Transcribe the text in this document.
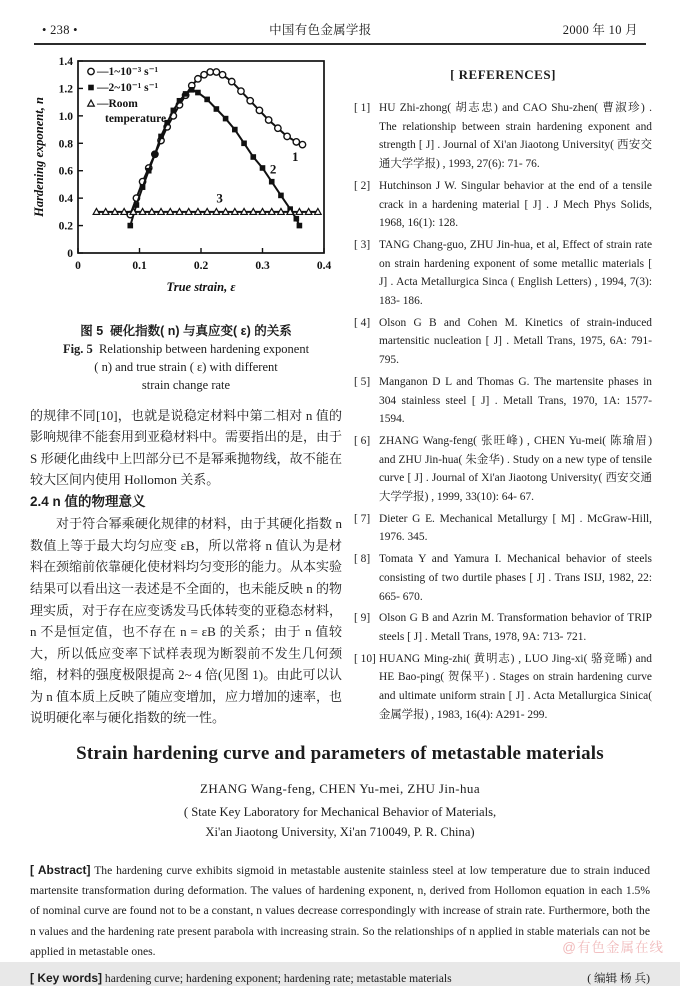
• 238 •	中国有色金属学报	2000 年 10 月
0	0.1	0.2	0.3	0.4
0
0.2
0.4
0.6
0.8
1.0
1.2
1.4
True strain, ε
Hardening exponent, n	1
2
3
—1~10⁻³ s⁻¹
—2~10⁻¹ s⁻¹
—Room
temperature
图 5 硬化指数( n) 与真应变( ε) 的关系
Fig. 5 Relationship between hardening exponent
( n) and true strain ( ε) with different
strain change rate

的规律不同[10]，也就是说稳定材料中第二相对 n 值的影响规律不能套用到亚稳材料中。需要指出的是，由于 S 形硬化曲线中上凹部分已不是幂乘抛物线，故不能在较大区间内使用 Hollomon 关系。

2.4 n 值的物理意义

对于符合幂乘硬化规律的材料，由于其硬化指数 n 数值上等于最大均匀应变 εB，所以常将 n 值认为是材料在颈缩前依靠硬化使材料均匀变形的能力。从本实验结果可以看出这一表述是不全面的，也未能反映 n 的物理实质，对于存在应变诱发马氏体转变的亚稳态材料，n 不是恒定值，也不存在 n = εB 的关系；由于 n 值较大，所以低应变率下试样表现为断裂前不发生几何颈缩，材料的强度极限提高 2~ 4 倍(见图 1)。由此可以认为 n 值本质上反映了随应变增加，应力增加的速率，也说明硬化率与硬化指数的统一性。

[ REFERENCES]
[ 1] HU Zhi-zhong( 胡志忠) and CAO Shu-zhen( 曹淑珍) . The relationship between strain hardening exponent and strength [ J] . Journal of Xi'an Jiaotong University( 西安交通大学学报) , 1993, 27(6): 71- 76.
[ 2] Hutchinson J W. Singular behavior at the end of a tensile crack in a hardening material [ J] . J Mech Phys Solids, 1968, 16(1): 128.
[ 3] TANG Chang-guo, ZHU Jin-hua, et al, Effect of strain rate on strain hardening exponent of some metallic materials [ J] . Acta Metallurgica Sinca ( English Letters) , 1994, 7(3): 183- 186.
[ 4] Olson G B and Cohen M. Kinetics of strain-induced martensitic nucleation [ J] . Metall Trans, 1975, 6A: 791- 795.
[ 5] Manganon D L and Thomas G. The martensite phases in 304 stainless steel [ J] . Metall Trans, 1970, 1A: 1577- 1594.
[ 6] ZHANG Wang-feng( 张旺峰) , CHEN Yu-mei( 陈瑜眉) and ZHU Jin-hua( 朱金华) . Study on a new type of tensile curve [ J] . Journal of Xi'an Jiaotong University( 西安交通大学学报) , 1999, 33(10): 64- 67.
[ 7] Dieter G E. Mechanical Metallurgy [ M] . McGraw-Hill, 1976. 345.
[ 8] Tomata Y and Yamura I. Mechanical behavior of steels consisting of two durtile phases [ J] . Trans ISIJ, 1982, 22: 665- 670.
[ 9] Olson G B and Azrin M. Transformation behavior of TRIP steels [ J] . Metall Trans, 1978, 9A: 713- 721.
[ 10] HUANG Ming-zhi( 黄明志) , LUO Jing-xi( 骆竞晞) and HE Bao-ping( 贺保平) . Stages on strain hardening curve and ultimate uniform strain [ J] . Acta Metallurgica Sinica( 金属学报) , 1983, 16(4): A291- 299.
Strain hardening curve and parameters of metastable materials
ZHANG Wang-feng, CHEN Yu-mei, ZHU Jin-hua
( State Key Laboratory for Mechanical Behavior of Materials,
Xi'an Jiaotong University, Xi'an 710049, P. R. China)
[ Abstract] The hardening curve exhibits sigmoid in metastable austenite stainless steel at low temperature due to strain induced martensite transformation during deformation. The values of hardening exponent, n, derived from Hollomon equation in each 1.5% of nominal curve are found not to be a constant, n values decrease correspondingly with increase of strain rate. Furthermore, both the n values and the hardening rate present parabola with increasing strain. So the relationships of n applied in stable materials can not be applied in metastable ones.
[ Key words] hardening curve; hardening exponent; hardening rate; metastable materials	( 编辑 杨 兵)
@有色金属在线
